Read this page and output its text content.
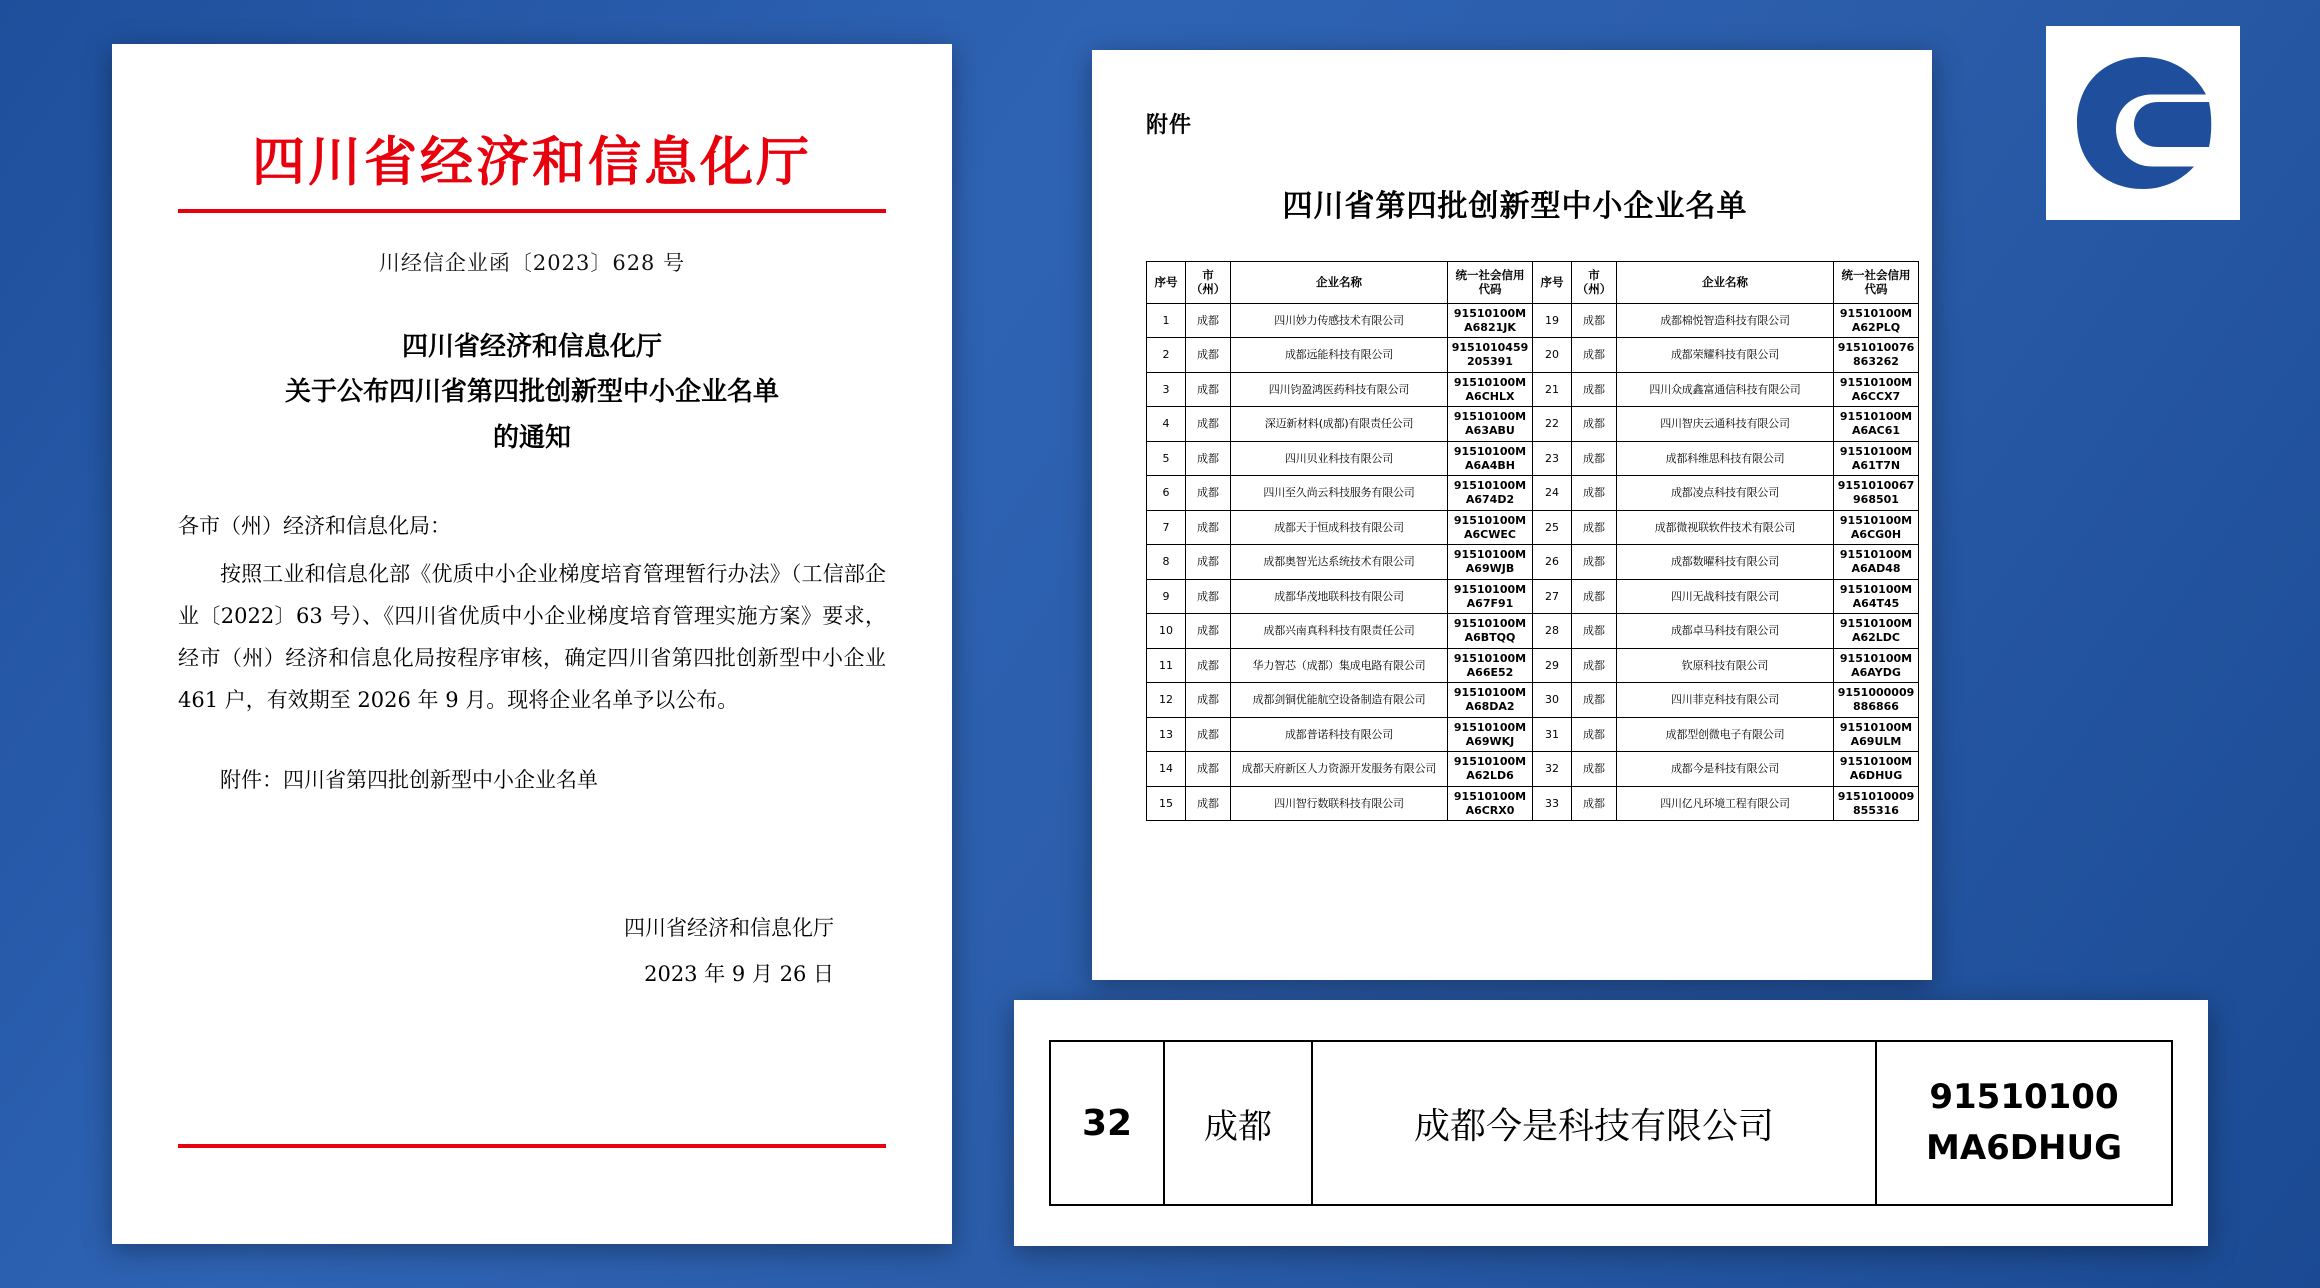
四川省经济和信息化厅
川经信企业函〔2023〕628 号
四川省经济和信息化厅
关于公布四川省第四批创新型中小企业名单
的通知
各市（州）经济和信息化局：
按照工业和信息化部《优质中小企业梯度培育管理暂行办法》（工信部企业〔2022〕63 号）、《四川省优质中小企业梯度培育管理实施方案》要求，经市（州）经济和信息化局按程序审核，确定四川省第四批创新型中小企业 461 户，有效期至 2026 年 9 月。现将企业名单予以公布。
附件：四川省第四批创新型中小企业名单
四川省经济和信息化厅
2023 年 9 月 26 日
附件
四川省第四批创新型中小企业名单
序号	市（州）	企业名称	统一社会信用代码	序号	市（州）	企业名称	统一社会信用代码
1	成都	四川妙力传感技术有限公司	91510100MA6821JK	19	成都	成都棉悦智造科技有限公司	91510100MA62PLQ
2	成都	成都远能科技有限公司	9151010459205391	20	成都	成都荣耀科技有限公司	9151010076863262
3	成都	四川钧盈鸿医药科技有限公司	91510100MA6CHLX	21	成都	四川众成鑫富通信科技有限公司	91510100MA6CCX7
4	成都	深迈新材料(成都)有限责任公司	91510100MA63ABU	22	成都	四川智庆云通科技有限公司	91510100MA6AC61
5	成都	四川贝业科技有限公司	91510100MA6A4BH	23	成都	成都科维思科技有限公司	91510100MA61T7N
6	成都	四川至久尚云科技服务有限公司	91510100MA674D2	24	成都	成都凌点科技有限公司	9151010067968501
7	成都	成都天于恒成科技有限公司	91510100MA6CWEC	25	成都	成都微视联软件技术有限公司	91510100MA6CG0H
8	成都	成都奥智光达系统技术有限公司	91510100MA69WJB	26	成都	成都数曜科技有限公司	91510100MA6AD48
9	成都	成都华茂地联科技有限公司	91510100MA67F91	27	成都	四川无战科技有限公司	91510100MA64T45
10	成都	成都兴南真科科技有限责任公司	91510100MA6BTQQ	28	成都	成都卓马科技有限公司	91510100MA62LDC
11	成都	华力智芯（成都）集成电路有限公司	91510100MA66E52	29	成都	钦原科技有限公司	91510100MA6AYDG
12	成都	成都剑铜优能航空设备制造有限公司	91510100MA68DA2	30	成都	四川菲克科技有限公司	9151000009886866
13	成都	成都普诺科技有限公司	91510100MA69WKJ	31	成都	成都型创微电子有限公司	91510100MA69ULM
14	成都	成都天府新区人力资源开发服务有限公司	91510100MA62LD6	32	成都	成都今是科技有限公司	91510100MA6DHUG
15	成都	四川智行数联科技有限公司	91510100MA6CRX0	33	成都	四川亿凡环境工程有限公司	9151010009855316
32	成都	成都今是科技有限公司	
91510100
MA6DHUG
